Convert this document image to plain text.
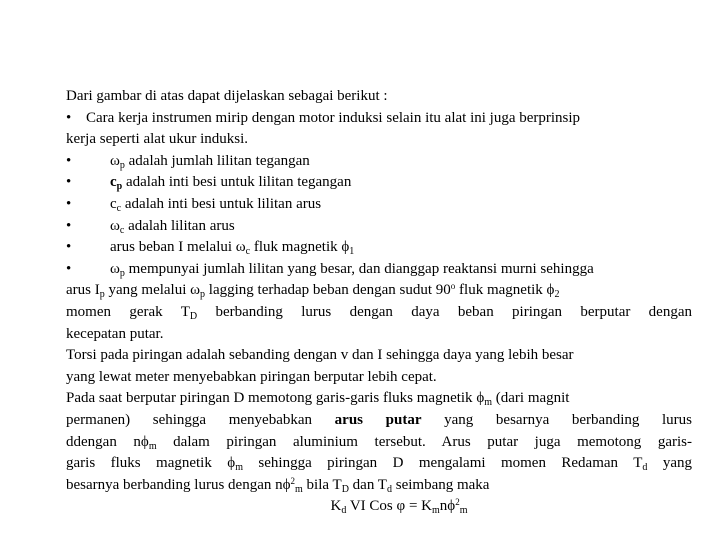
Dari gambar di atas dapat dijelaskan sebagai berikut :
• Cara kerja instrumen mirip dengan motor induksi selain itu alat ini juga berprinsip
kerja seperti alat ukur induksi.
•	$\omega_p$ adalah jumlah lilitan tegangan
•	$c_p$ adalah inti besi untuk lilitan tegangan
•	$c_c$ adalah inti besi untuk lilitan arus
•	$\omega_c$ adalah lilitan arus
•	arus beban I melalui $\omega_c$ fluk magnetik $\phi_1$
•	$\omega_p$ mempunyai jumlah lilitan yang besar, dan dianggap reaktansi murni sehingga
arus $I_p$ yang melalui $\omega_p$ lagging terhadap beban dengan sudut 90$^o$ fluk magnetik $\phi_2$
momen gerak $T_D$ berbanding lurus dengan daya beban piringan berputar dengan
kecepatan putar.
Torsi pada piringan adalah sebanding dengan v dan I sehingga daya yang lebih besar
yang lewat meter menyebabkan piringan berputar lebih cepat.
Pada saat berputar piringan D memotong garis-garis fluks magnetik $\phi_m$ (dari magnit
permanen) sehingga menyebabkan arus putar yang besarnya berbanding lurus
ddengan $n\phi_m$ dalam piringan aluminium tersebut. Arus putar juga memotong garis-
garis fluks magnetik $\phi_m$ sehingga piringan D mengalami momen Redaman $T_d$ yang
besarnya berbanding lurus dengan $n\phi^2_m$ bila $T_D$ dan $T_d$ seimbang maka
$K_d$ VI Cos $\varphi = K_mn\phi^2_m$
